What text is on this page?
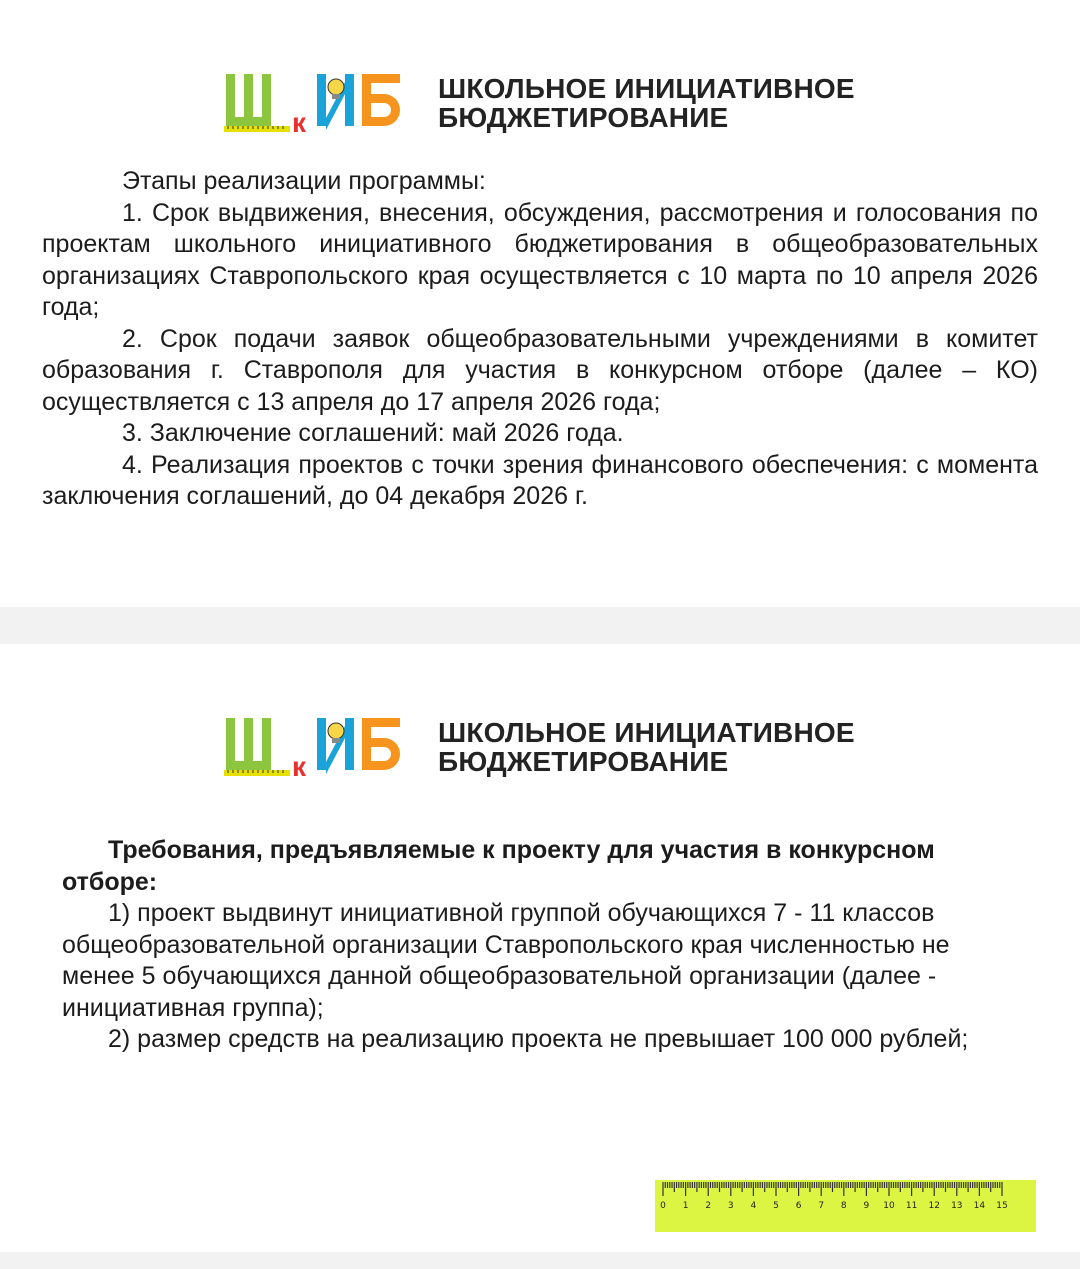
к
ШКОЛЬНОЕ ИНИЦИАТИВНОЕ
БЮДЖЕТИРОВАНИЕ

Этапы реализации программы:

1. Срок выдвижения, внесения, обсуждения, рассмотрения и голосования по проектам школьного инициативного бюджетирования в общеобразовательных организациях Ставропольского края осуществляется с 10 марта по 10 апреля 2026 года;

2. Срок подачи заявок общеобразовательными учреждениями в комитет образования г. Ставрополя для участия в конкурсном отборе (далее – КО) осуществляется с 13 апреля до 17 апреля 2026 года;

3. Заключение соглашений: май 2026 года.

4. Реализация проектов с точки зрения финансового обеспечения: с момента заключения соглашений, до 04 декабря 2026 г.

к
ШКОЛЬНОЕ ИНИЦИАТИВНОЕ
БЮДЖЕТИРОВАНИЕ

Требования, предъявляемые к проекту для участия в конкурсном отборе:

1) проект выдвинут инициативной группой обучающихся 7 - 11 классов общеобразовательной организации Ставропольского края численностью не менее 5 обучающихся данной общеобразовательной организации (далее - инициативная группа);

2) размер средств на реализацию проекта не превышает 100 000 рублей;

0 1 2 3 4 5 6 7 8 9 10 11 12 13 14 15
